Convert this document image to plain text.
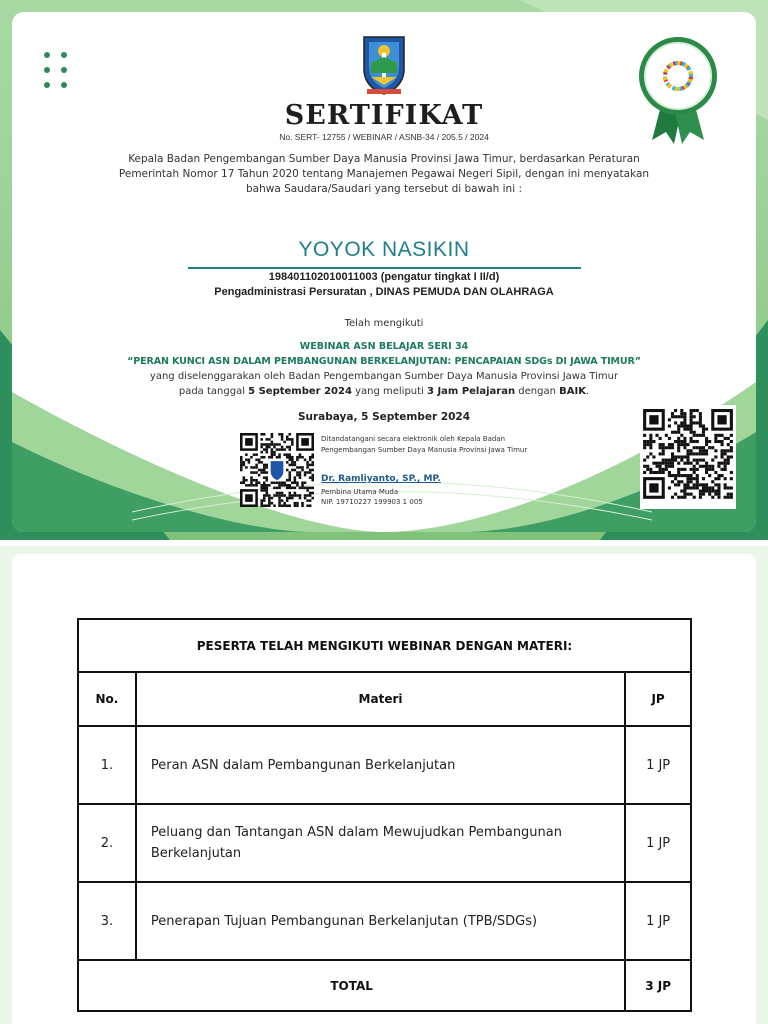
SERTIFIKAT
No. SERT- 12755 / WEBINAR / ASNB-34 / 205.5 / 2024
Kepala Badan Pengembangan Sumber Daya Manusia Provinsi Jawa Timur, berdasarkan Peraturan Pemerintah Nomor 17 Tahun 2020 tentang Manajemen Pegawai Negeri Sipil, dengan ini menyatakan bahwa Saudara/Saudari yang tersebut di bawah ini :
YOYOK NASIKIN
198401102010011003 (pengatur tingkat I II/d)
Pengadministrasi Persuratan , DINAS PEMUDA DAN OLAHRAGA
Telah mengikuti
WEBINAR ASN BELAJAR SERI 34
“PERAN KUNCI ASN DALAM PEMBANGUNAN BERKELANJUTAN: PENCAPAIAN SDGs DI JAWA TIMUR”
yang diselenggarakan oleh Badan Pengembangan Sumber Daya Manusia Provinsi Jawa Timur
pada tanggal 5 September 2024 yang meliputi 3 Jam Pelajaran dengan BAIK.
Surabaya, 5 September 2024
Ditandatangani secara elektronik oleh Kepala Badan Pengembangan Sumber Daya Manusia Provinsi Jawa Timur
Dr. Ramliyanto, SP., MP.
Pembina Utama Muda
NIP. 19710227 199903 1 005
PESERTA TELAH MENGIKUTI WEBINAR DENGAN MATERI:		
No.	Materi	JP
1.	Peran ASN dalam Pembangunan Berkelanjutan	1 JP
2.	Peluang dan Tantangan ASN dalam Mewujudkan Pembangunan Berkelanjutan	1 JP
3.	Penerapan Tujuan Pembangunan Berkelanjutan (TPB/SDGs)	1 JP
TOTAL		3 JP
